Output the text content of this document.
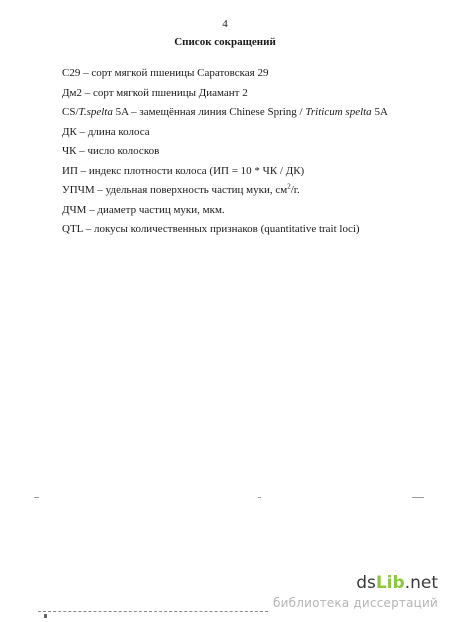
4
Список сокращений
С29 – сорт мягкой пшеницы Саратовская 29
Дм2 – сорт мягкой пшеницы Диамант 2
CS/T.spelta 5A – замещённая линия Chinese Spring / Triticum spelta 5A
ДК – длина колоса
ЧК – число колосков
ИП – индекс плотности колоса (ИП = 10 * ЧК / ДК)
УПЧМ – удельная поверхность частиц муки, $см^2/г$.
ДЧМ – диаметр частиц муки, мкм.
QTL – локусы количественных признаков (quantitative trait loci)
dsLib.net
библиотека диссертаций
